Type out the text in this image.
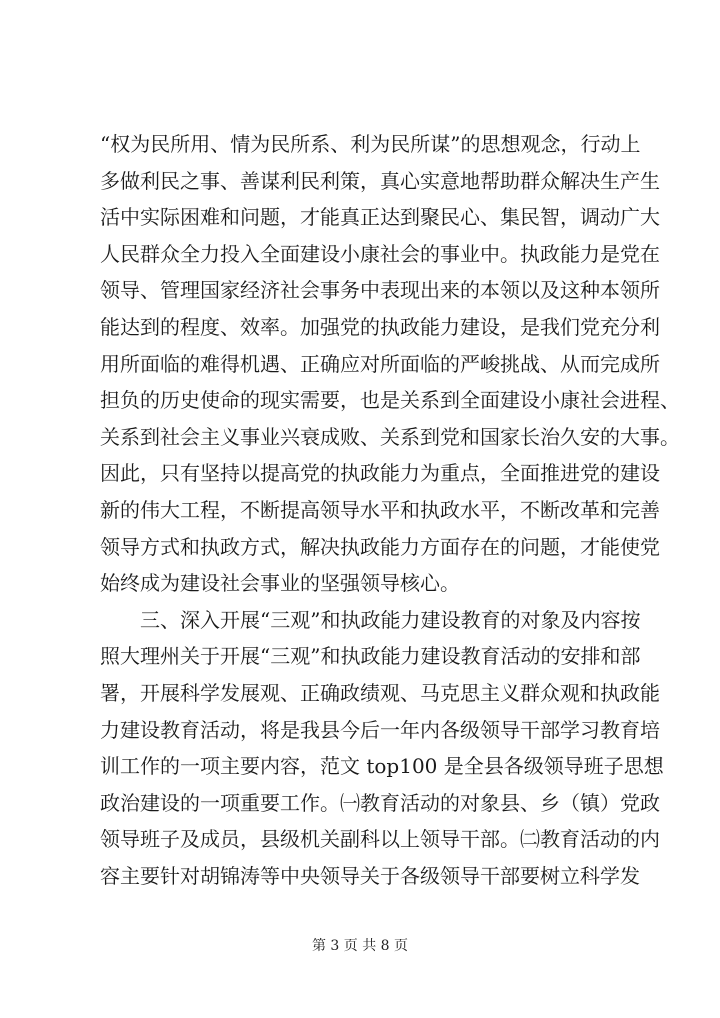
“权为民所用、情为民所系、利为民所谋”的思想观念，行动上
多做利民之事、善谋利民利策，真心实意地帮助群众解决生产生
活中实际困难和问题，才能真正达到聚民心、集民智，调动广大
人民群众全力投入全面建设小康社会的事业中。执政能力是党在
领导、管理国家经济社会事务中表现出来的本领以及这种本领所
能达到的程度、效率。加强党的执政能力建设，是我们党充分利
用所面临的难得机遇、正确应对所面临的严峻挑战、从而完成所
担负的历史使命的现实需要，也是关系到全面建设小康社会进程、
关系到社会主义事业兴衰成败、关系到党和国家长治久安的大事。
因此，只有坚持以提高党的执政能力为重点，全面推进党的建设
新的伟大工程，不断提高领导水平和执政水平，不断改革和完善
领导方式和执政方式，解决执政能力方面存在的问题，才能使党
始终成为建设社会事业的坚强领导核心。
三、深入开展“三观”和执政能力建设教育的对象及内容按
照大理州关于开展“三观”和执政能力建设教育活动的安排和部
署，开展科学发展观、正确政绩观、马克思主义群众观和执政能
力建设教育活动，将是我县今后一年内各级领导干部学习教育培
训工作的一项主要内容，范文 top100 是全县各级领导班子思想
政治建设的一项重要工作。㈠教育活动的对象县、乡（镇）党政
领导班子及成员，县级机关副科以上领导干部。㈡教育活动的内
容主要针对胡锦涛等中央领导关于各级领导干部要树立科学发
第 3 页 共 8 页
